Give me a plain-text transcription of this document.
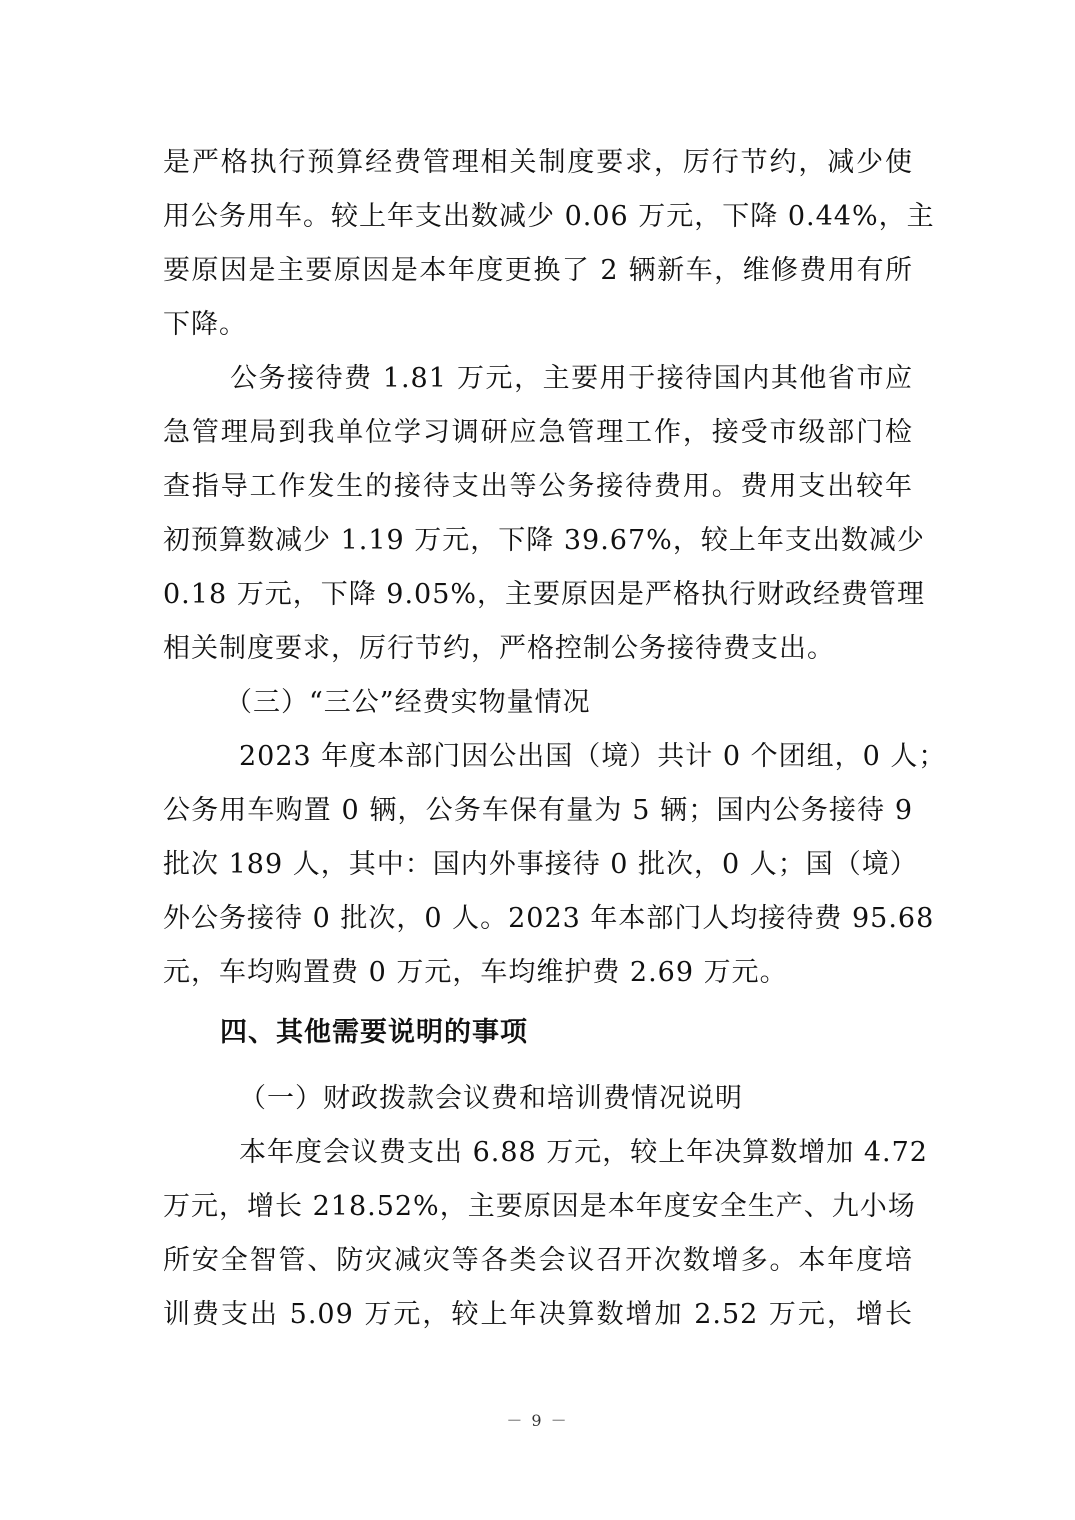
是严格执行预算经费管理相关制度要求，厉行节约，减少使
用公务用车。较上年支出数减少 0.06 万元，下降 0.44%，主
要原因是主要原因是本年度更换了 2 辆新车，维修费用有所
下降。
公务接待费 1.81 万元，主要用于接待国内其他省市应
急管理局到我单位学习调研应急管理工作，接受市级部门检
查指导工作发生的接待支出等公务接待费用。费用支出较年
初预算数减少 1.19 万元，下降 39.67%，较上年支出数减少
0.18 万元，下降 9.05%，主要原因是严格执行财政经费管理
相关制度要求，厉行节约，严格控制公务接待费支出。
（三）“三公”经费实物量情况
2023 年度本部门因公出国（境）共计 0 个团组，0 人；
公务用车购置 0 辆，公务车保有量为 5 辆；国内公务接待 9
批次 189 人，其中：国内外事接待 0 批次，0 人；国（境）
外公务接待 0 批次，0 人。2023 年本部门人均接待费 95.68
元，车均购置费 0 万元，车均维护费 2.69 万元。
四、其他需要说明的事项
（一）财政拨款会议费和培训费情况说明
本年度会议费支出 6.88 万元，较上年决算数增加 4.72
万元，增长 218.52%，主要原因是本年度安全生产、九小场
所安全智管、防灾减灾等各类会议召开次数增多。本年度培
训费支出 5.09 万元，较上年决算数增加 2.52 万元，增长
－ 9 －
